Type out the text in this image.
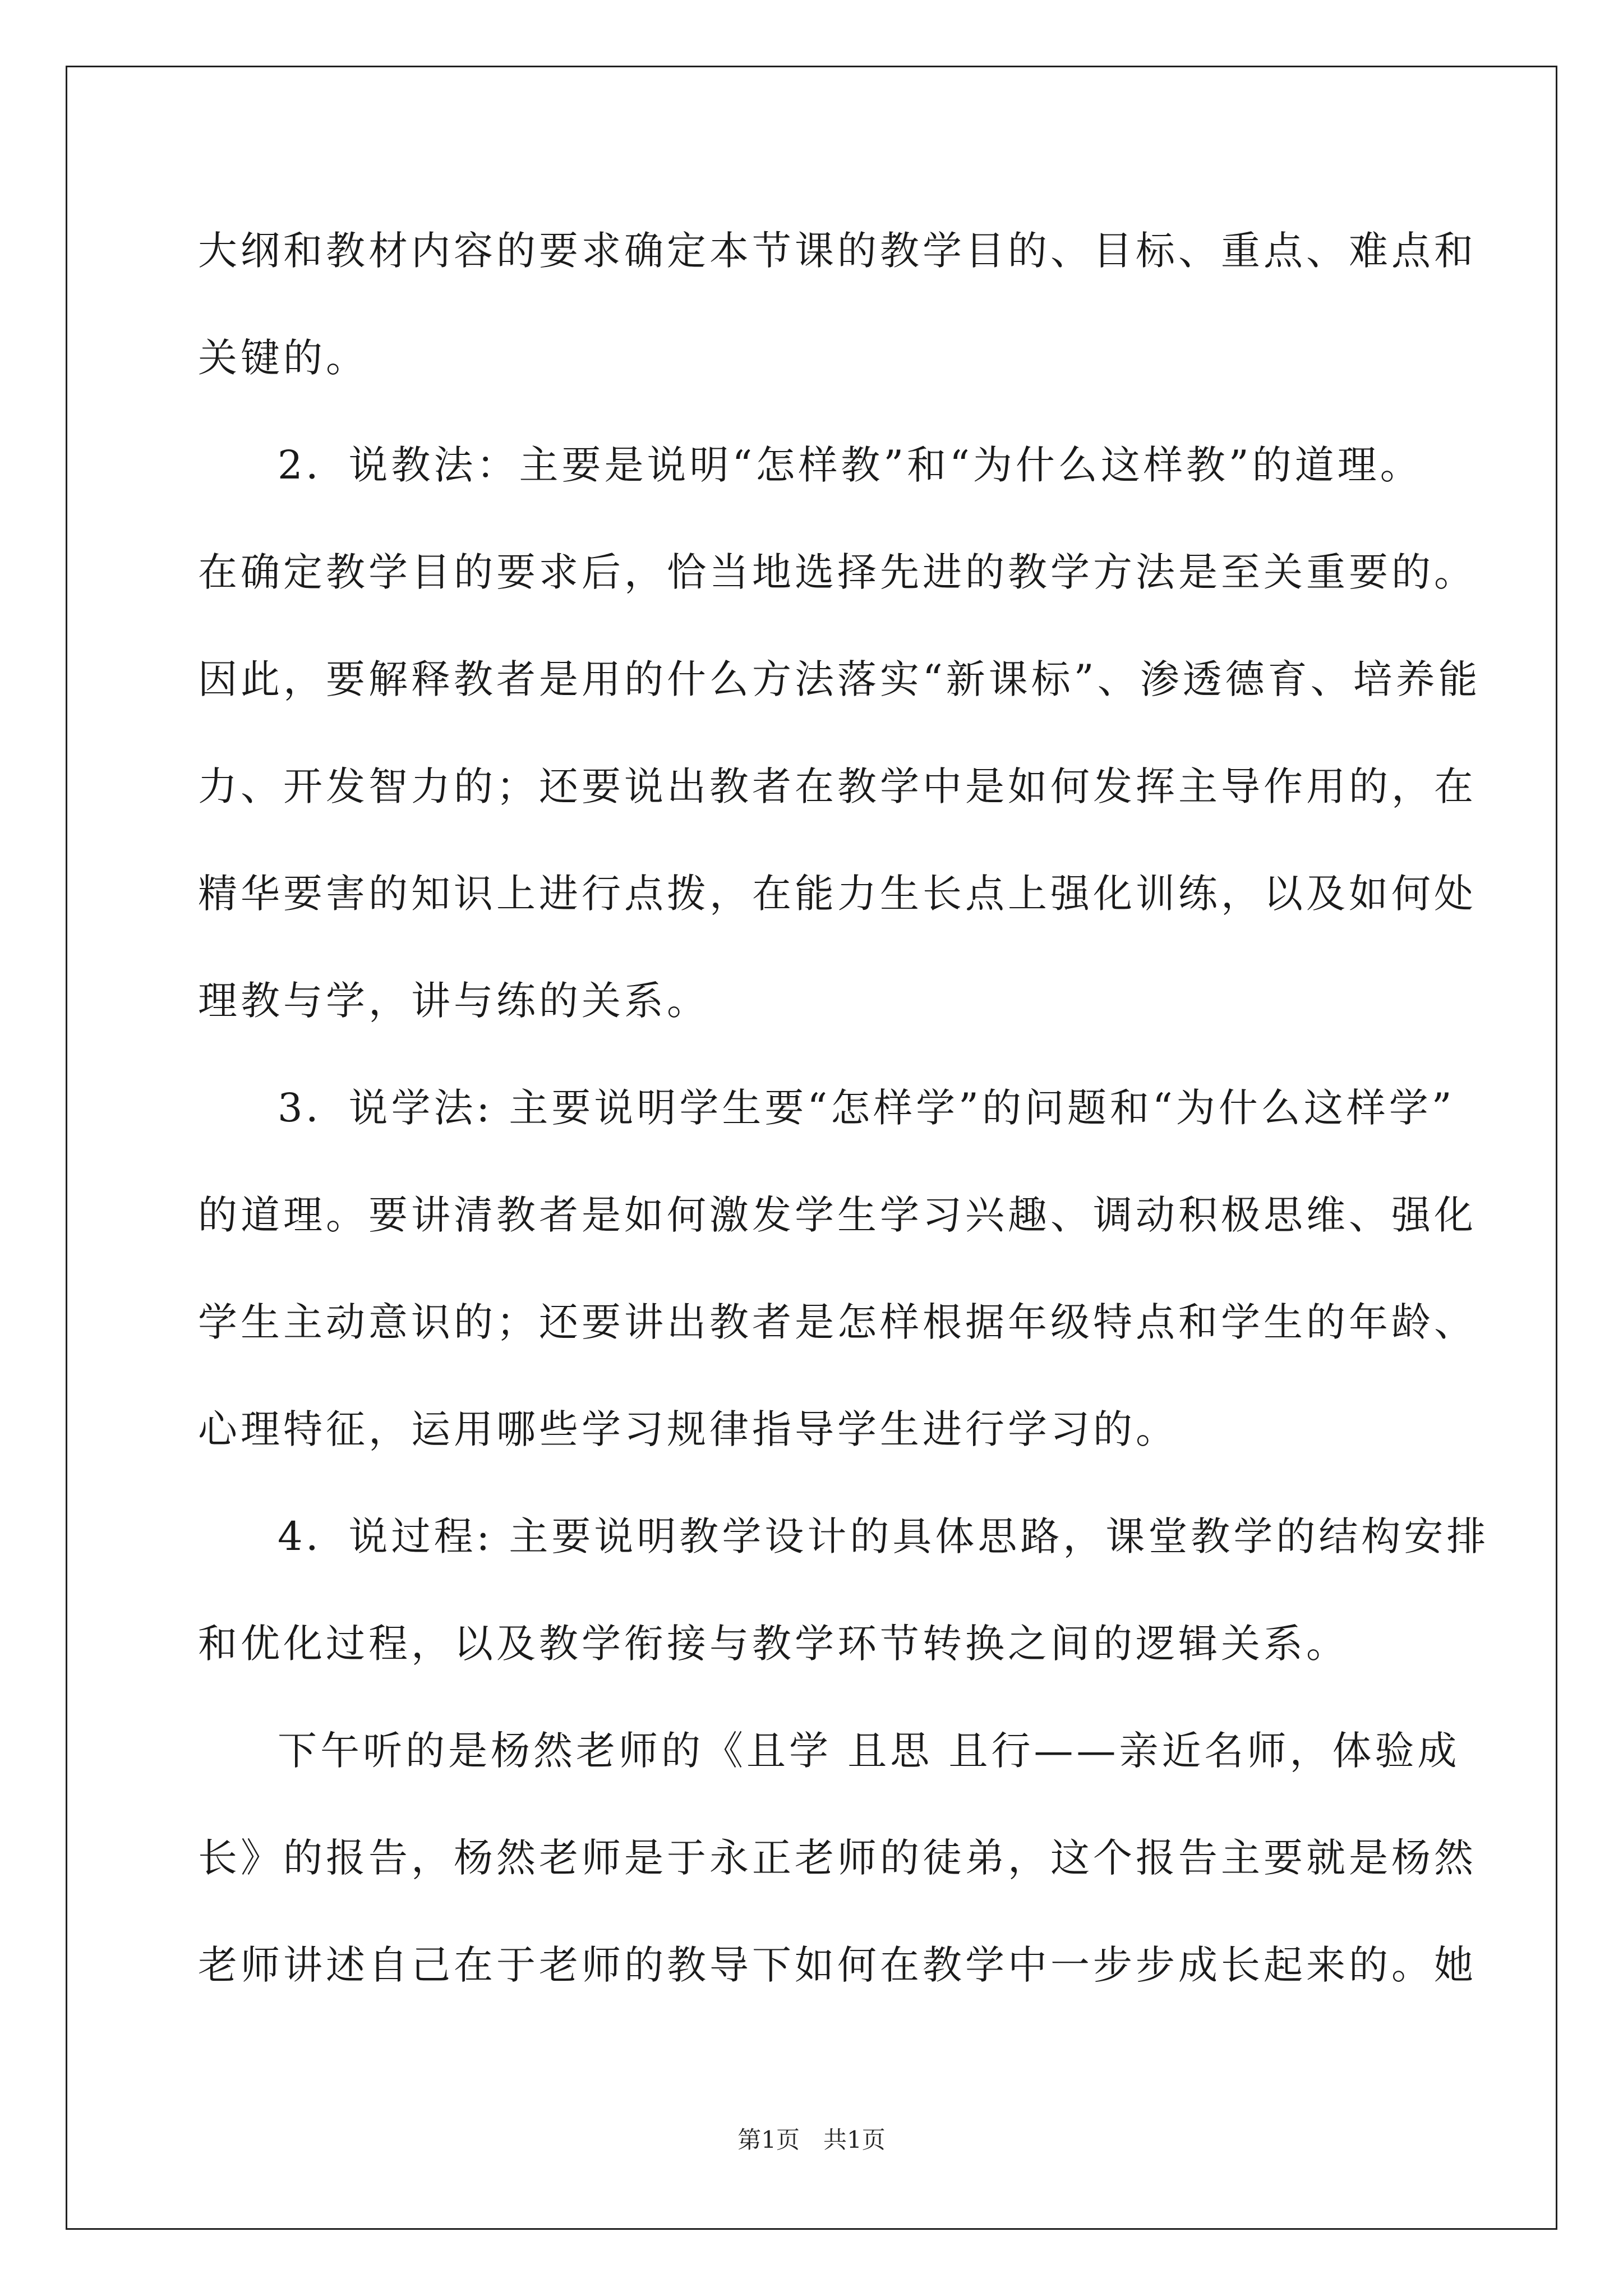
大纲和教材内容的要求确定本节课的教学目的、目标、重点、难点和
关键的。
2．说教法：主要是说明“怎样教”和“为什么这样教”的道理。
在确定教学目的要求后，恰当地选择先进的教学方法是至关重要的。
因此，要解释教者是用的什么方法落实“新课标”、渗透德育、培养能
力、开发智力的；还要说出教者在教学中是如何发挥主导作用的，在
精华要害的知识上进行点拨，在能力生长点上强化训练，以及如何处
理教与学，讲与练的关系。
3．说学法: 主要说明学生要“怎样学”的问题和“为什么这样学”
的道理。要讲清教者是如何激发学生学习兴趣、调动积极思维、强化
学生主动意识的；还要讲出教者是怎样根据年级特点和学生的年龄、
心理特征，运用哪些学习规律指导学生进行学习的。
4．说过程: 主要说明教学设计的具体思路，课堂教学的结构安排
和优化过程，以及教学衔接与教学环节转换之间的逻辑关系。
下午听的是杨然老师的《且学 且思 且行——亲近名师，体验成
长》的报告，杨然老师是于永正老师的徒弟，这个报告主要就是杨然
老师讲述自己在于老师的教导下如何在教学中一步步成长起来的。她
第1页　共1页
